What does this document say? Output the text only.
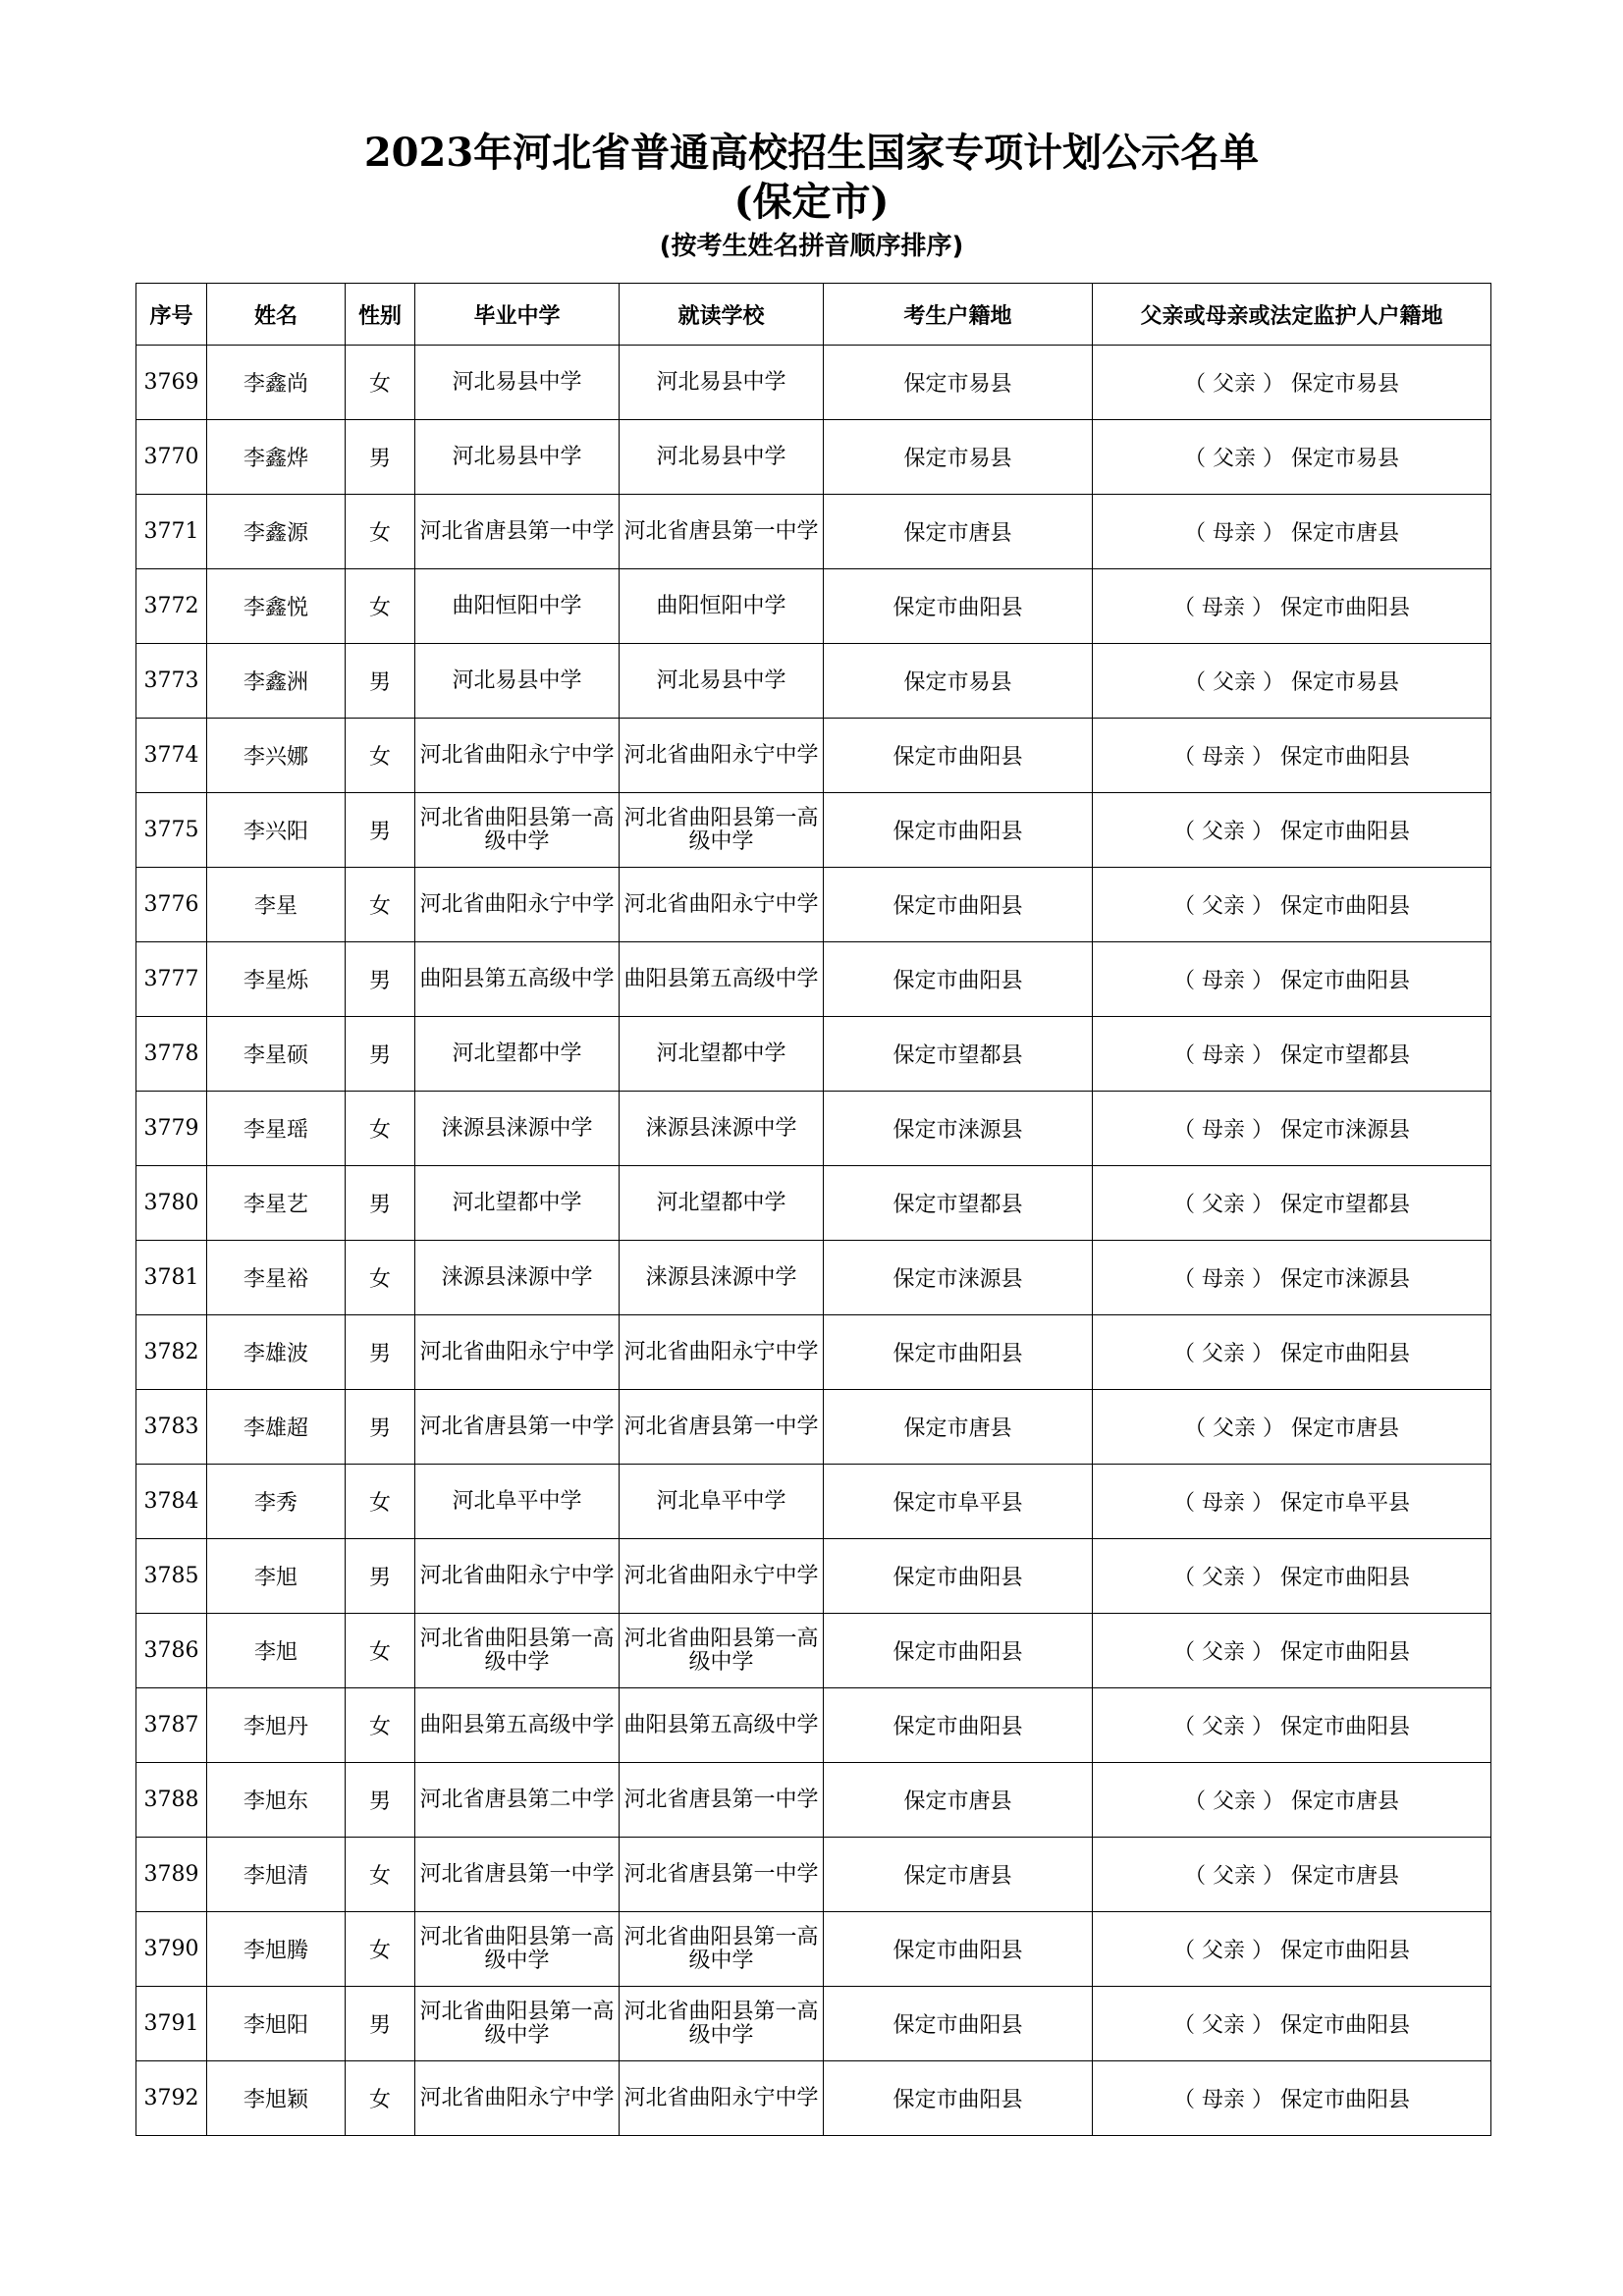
2023年河北省普通高校招生国家专项计划公示名单
(保定市)
(按考生姓名拼音顺序排序)
序号	姓名	性别	毕业中学	就读学校	考生户籍地	父亲或母亲或法定监护人户籍地
3769	李鑫尚	女	河北易县中学	河北易县中学	保定市易县	（ 父亲 ） 保定市易县
3770	李鑫烨	男	河北易县中学	河北易县中学	保定市易县	（ 父亲 ） 保定市易县
3771	李鑫源	女	河北省唐县第一中学	河北省唐县第一中学	保定市唐县	（ 母亲 ） 保定市唐县
3772	李鑫悦	女	曲阳恒阳中学	曲阳恒阳中学	保定市曲阳县	（ 母亲 ） 保定市曲阳县
3773	李鑫洲	男	河北易县中学	河北易县中学	保定市易县	（ 父亲 ） 保定市易县
3774	李兴娜	女	河北省曲阳永宁中学	河北省曲阳永宁中学	保定市曲阳县	（ 母亲 ） 保定市曲阳县
3775	李兴阳	男	河北省曲阳县第一高级中学	河北省曲阳县第一高级中学	保定市曲阳县	（ 父亲 ） 保定市曲阳县
3776	李星	女	河北省曲阳永宁中学	河北省曲阳永宁中学	保定市曲阳县	（ 父亲 ） 保定市曲阳县
3777	李星烁	男	曲阳县第五高级中学	曲阳县第五高级中学	保定市曲阳县	（ 母亲 ） 保定市曲阳县
3778	李星硕	男	河北望都中学	河北望都中学	保定市望都县	（ 母亲 ） 保定市望都县
3779	李星瑶	女	涞源县涞源中学	涞源县涞源中学	保定市涞源县	（ 母亲 ） 保定市涞源县
3780	李星艺	男	河北望都中学	河北望都中学	保定市望都县	（ 父亲 ） 保定市望都县
3781	李星裕	女	涞源县涞源中学	涞源县涞源中学	保定市涞源县	（ 母亲 ） 保定市涞源县
3782	李雄波	男	河北省曲阳永宁中学	河北省曲阳永宁中学	保定市曲阳县	（ 父亲 ） 保定市曲阳县
3783	李雄超	男	河北省唐县第一中学	河北省唐县第一中学	保定市唐县	（ 父亲 ） 保定市唐县
3784	李秀	女	河北阜平中学	河北阜平中学	保定市阜平县	（ 母亲 ） 保定市阜平县
3785	李旭	男	河北省曲阳永宁中学	河北省曲阳永宁中学	保定市曲阳县	（ 父亲 ） 保定市曲阳县
3786	李旭	女	河北省曲阳县第一高级中学	河北省曲阳县第一高级中学	保定市曲阳县	（ 父亲 ） 保定市曲阳县
3787	李旭丹	女	曲阳县第五高级中学	曲阳县第五高级中学	保定市曲阳县	（ 父亲 ） 保定市曲阳县
3788	李旭东	男	河北省唐县第二中学	河北省唐县第一中学	保定市唐县	（ 父亲 ） 保定市唐县
3789	李旭清	女	河北省唐县第一中学	河北省唐县第一中学	保定市唐县	（ 父亲 ） 保定市唐县
3790	李旭腾	女	河北省曲阳县第一高级中学	河北省曲阳县第一高级中学	保定市曲阳县	（ 父亲 ） 保定市曲阳县
3791	李旭阳	男	河北省曲阳县第一高级中学	河北省曲阳县第一高级中学	保定市曲阳县	（ 父亲 ） 保定市曲阳县
3792	李旭颖	女	河北省曲阳永宁中学	河北省曲阳永宁中学	保定市曲阳县	（ 母亲 ） 保定市曲阳县
